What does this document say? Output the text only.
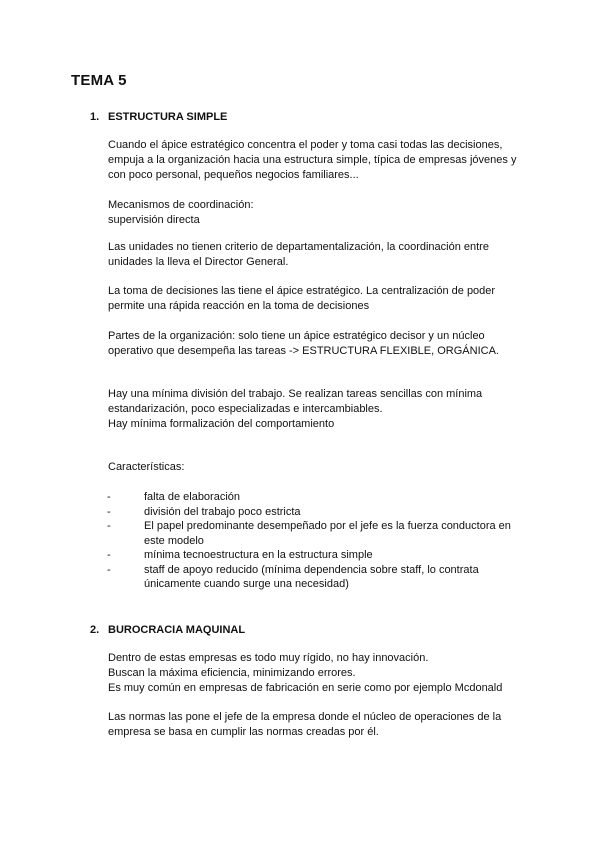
TEMA 5
1. ESTRUCTURA SIMPLE
Cuando el ápice estratégico concentra el poder y toma casi todas las decisiones,
empuja a la organización hacia una estructura simple, típica de empresas jóvenes y
con poco personal, pequeños negocios familiares...
Mecanismos de coordinación:
supervisión directa
Las unidades no tienen criterio de departamentalización, la coordinación entre
unidades la lleva el Director General.
La toma de decisiones las tiene el ápice estratégico. La centralización de poder
permite una rápida reacción en la toma de decisiones
Partes de la organización: solo tiene un ápice estratégico decisor y un núcleo
operativo que desempeña las tareas -> ESTRUCTURA FLEXIBLE, ORGÁNICA.
Hay una mínima división del trabajo. Se realizan tareas sencillas con mínima
estandarización, poco especializadas e intercambiables.
Hay mínima formalización del comportamiento
Características:
-	falta de elaboración
-	división del trabajo poco estricta
-	El papel predominante desempeñado por el jefe es la fuerza conductora en
este modelo
-	mínima tecnoestructura en la estructura simple
-	staff de apoyo reducido (mínima dependencia sobre staff, lo contrata
únicamente cuando surge una necesidad)
2. BUROCRACIA MAQUINAL
Dentro de estas empresas es todo muy rígido, no hay innovación.
Buscan la máxima eficiencia, minimizando errores.
Es muy común en empresas de fabricación en serie como por ejemplo Mcdonald
Las normas las pone el jefe de la empresa donde el núcleo de operaciones de la
empresa se basa en cumplir las normas creadas por él.
